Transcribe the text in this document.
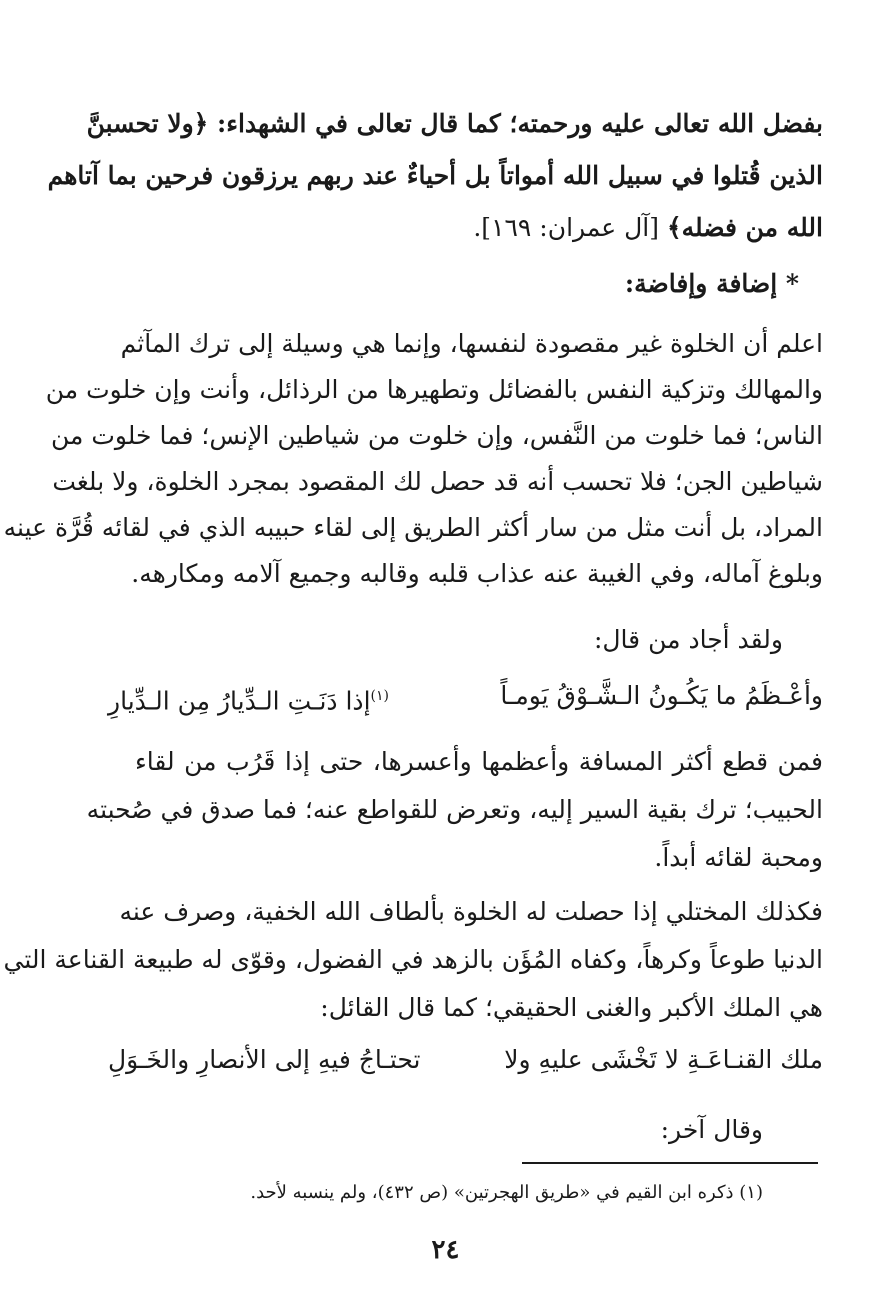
بفضل الله تعالى عليه ورحمته؛ كما قال تعالى في الشهداء: ﴿ولا تحسبنَّ
الذين قُتلوا في سبيل الله أمواتاً بل أحياءٌ عند ربهم يرزقون فرحين بما آتاهم
الله من فضله﴾ [آل عمران: ١٦٩].
* إضافة وإفاضة:
اعلم أن الخلوة غير مقصودة لنفسها، وإنما هي وسيلة إلى ترك المآثم
والمهالك وتزكية النفس بالفضائل وتطهيرها من الرذائل، وأنت وإن خلوت من
الناس؛ فما خلوت من النَّفس، وإن خلوت من شياطين الإنس؛ فما خلوت من
شياطين الجن؛ فلا تحسب أنه قد حصل لك المقصود بمجرد الخلوة، ولا بلغت
المراد، بل أنت مثل من سار أكثر الطريق إلى لقاء حبيبه الذي في لقائه قُرَّة عينه
وبلوغ آماله، وفي الغيبة عنه عذاب قلبه وقالبه وجميع آلامه ومكارهه.
ولقد أجاد من قال:
وأعْـظَمُ ما يَكُـونُ الـشَّـوْقُ يَومـاً
$^{(١)}$إذا دَنَـتِ الـدِّيارُ مِن الـدِّيارِ
فمن قطع أكثر المسافة وأعظمها وأعسرها، حتى إذا قَرُب من لقاء
الحبيب؛ ترك بقية السير إليه، وتعرض للقواطع عنه؛ فما صدق في صُحبته
ومحبة لقائه أبداً.
فكذلك المختلي إذا حصلت له الخلوة بألطاف الله الخفية، وصرف عنه
الدنيا طوعاً وكرهاً، وكفاه المُؤَن بالزهد في الفضول، وقوّى له طبيعة القناعة التي
هي الملك الأكبر والغنى الحقيقي؛ كما قال القائل:
ملك القنـاعَـةِ لا تَخْشَى عليهِ ولا
تحتـاجُ فيهِ إلى الأنصارِ والخَـوَلِ
وقال آخر:
(١) ذكره ابن القيم في «طريق الهجرتين» (ص ٤٣٢)، ولم ينسبه لأحد.
٢٤
